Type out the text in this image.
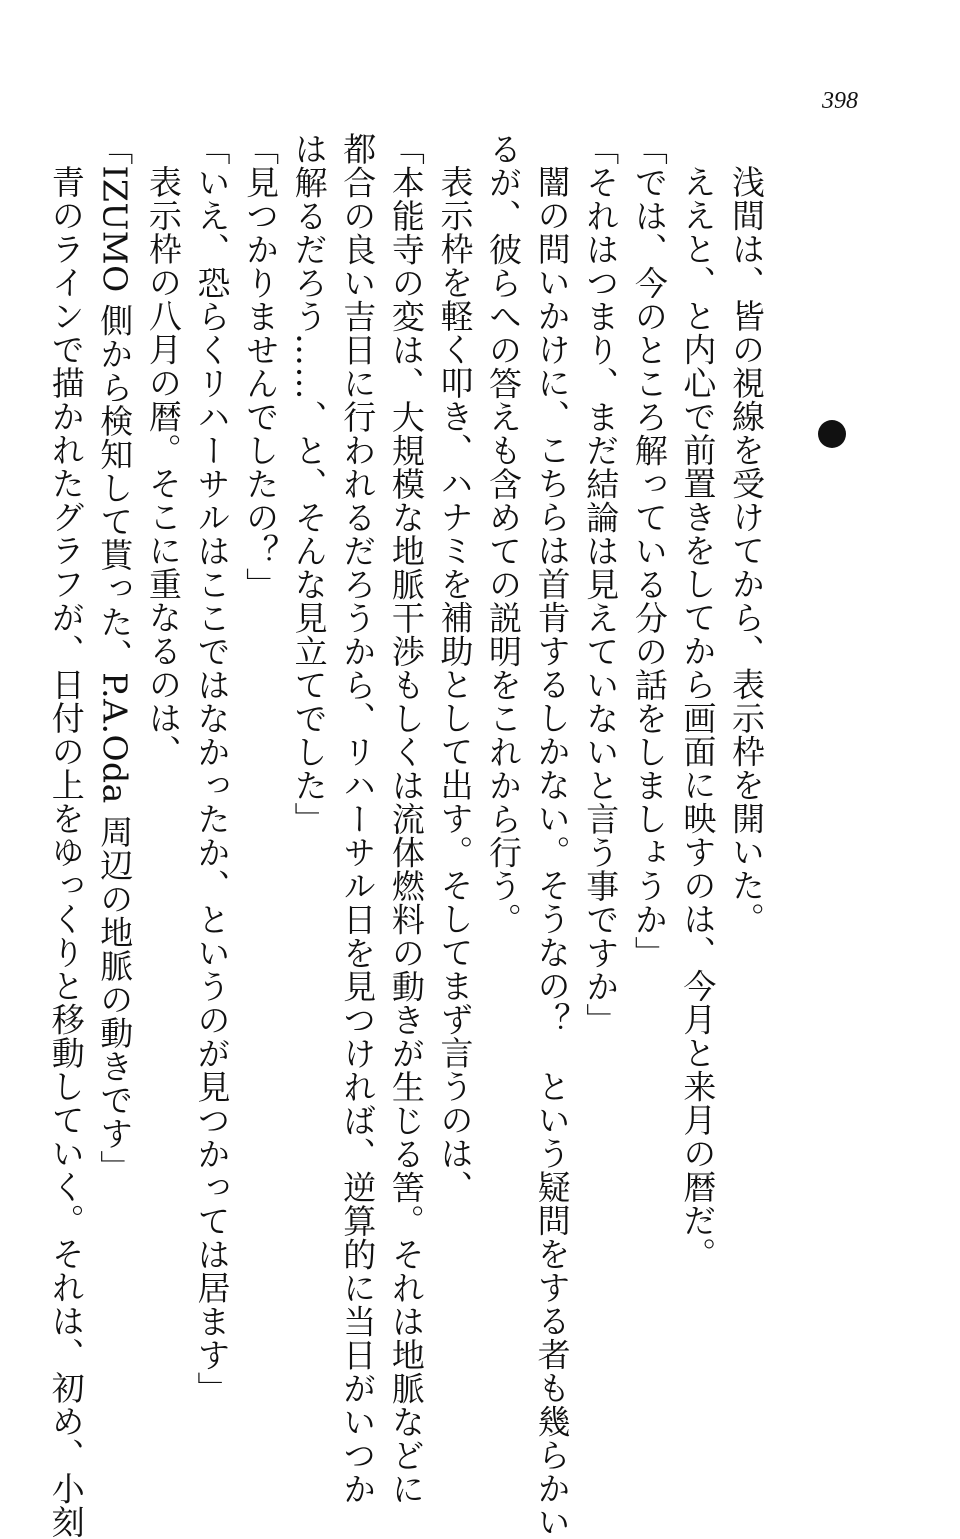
398
浅間は、皆の視線を受けてから、表示枠を開いた。
ええと、と内心で前置きをしてから画面に映すのは、今月と来月の暦だ。
「では、今のところ解っている分の話をしましょうか」
「それはつまり、まだ結論は見えていないと言う事ですか」
闇の問いかけに、こちらは首肯するしかない。そうなの？　という疑問をする者も幾らかい
るが、彼らへの答えも含めての説明をこれから行う。
表示枠を軽く叩き、ハナミを補助として出す。そしてまず言うのは、
「本能寺の変は、大規模な地脈干渉もしくは流体燃料の動きが生じる筈。それは地脈などに
都合の良い吉日に行われるだろうから、リハーサル日を見つければ、逆算的に当日がいつか
は解るだろう……、と、そんな見立てでした」
「見つかりませんでしたの？」
「いえ、恐らくリハーサルはここではなかったか、というのが見つかっては居ます」
表示枠の八月の暦。そこに重なるのは、
「IZUMO 側から検知して貰った、P.A.Oda 周辺の地脈の動きです」
青のラインで描かれたグラフが、日付の上をゆっくりと移動していく。それは、初め、小刻
